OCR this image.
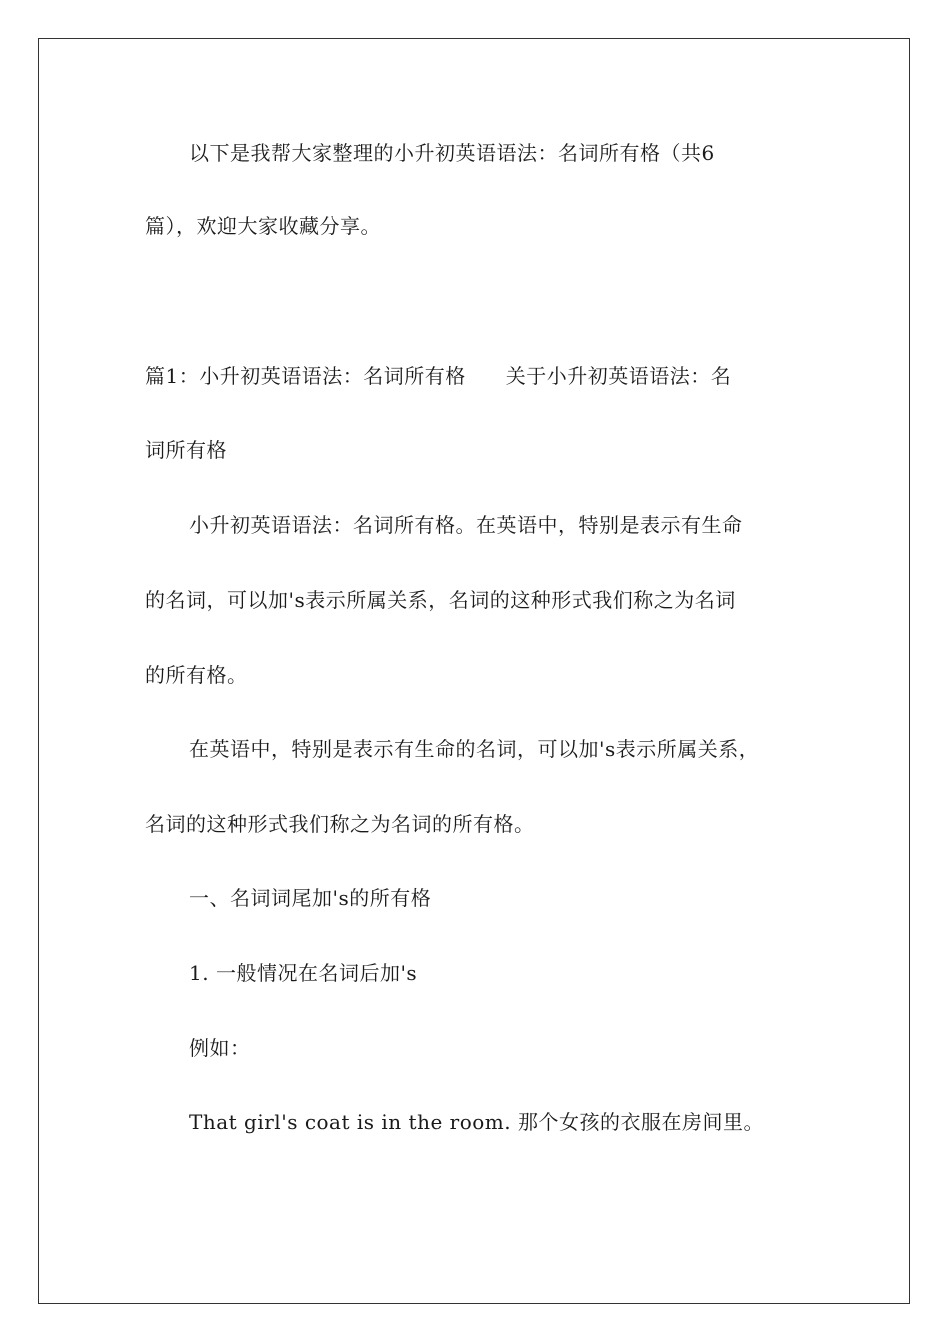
以下是我帮大家整理的小升初英语语法：名词所有格（共6
篇），欢迎大家收藏分享。
篇1：小升初英语语法：名词所有格 关于小升初英语语法：名
词所有格
小升初英语语法：名词所有格。在英语中，特别是表示有生命
的名词，可以加's表示所属关系，名词的这种形式我们称之为名词
的所有格。
在英语中，特别是表示有生命的名词，可以加's表示所属关系，
名词的这种形式我们称之为名词的所有格。
一、名词词尾加's的所有格
1. 一般情况在名词后加's
例如：
That girl's coat is in the room. 那个女孩的衣服在房间里。
